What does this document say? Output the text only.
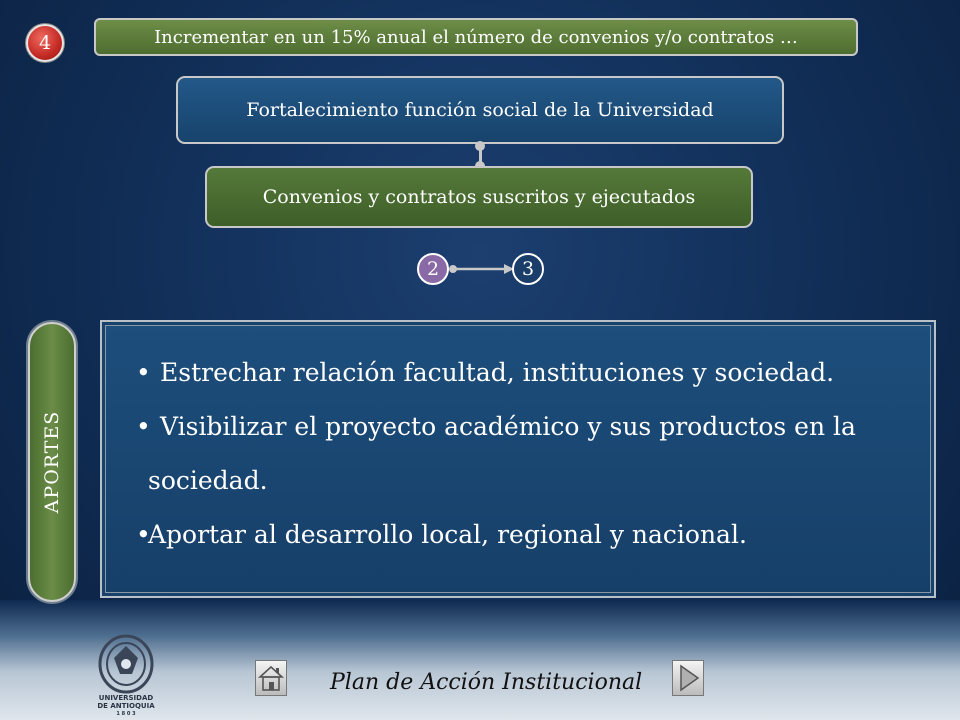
4	Incrementar en un 15% anual el número de convenios y/o contratos …
Fortalecimiento función social de la Universidad
Convenios y contratos suscritos y ejecutados
2	3
APORTES
• Estrechar relación facultad, instituciones y sociedad.
• Visibilizar el proyecto académico y sus productos en la
sociedad.
•Aportar al desarrollo local, regional y nacional.
UNIVERSIDAD
DE ANTIOQUIA
1 8 0 3
Plan de Acción Institucional
